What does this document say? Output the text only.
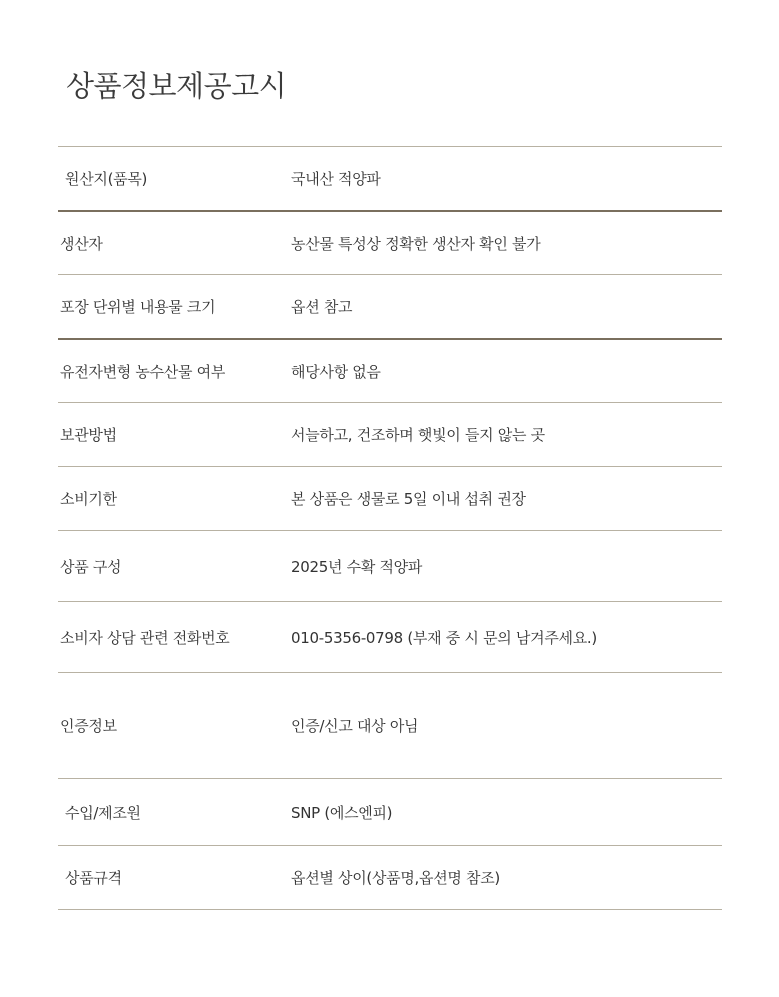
상품정보제공고시
원산지(품목)	국내산 적양파
생산자	농산물 특성상 정확한 생산자 확인 불가
포장 단위별 내용물 크기	옵션 참고
유전자변형 농수산물 여부	해당사항 없음
보관방법	서늘하고, 건조하며 햇빛이 들지 않는 곳
소비기한	본 상품은 생물로 5일 이내 섭취 권장
상품 구성	2025년 수확 적양파
소비자 상담 관련 전화번호	010-5356-0798 (부재 중 시 문의 남겨주세요.)
인증정보	인증/신고 대상 아님
수입/제조원	SNP (에스엔피)
상품규격	옵션별 상이(상품명,옵션명 참조)
